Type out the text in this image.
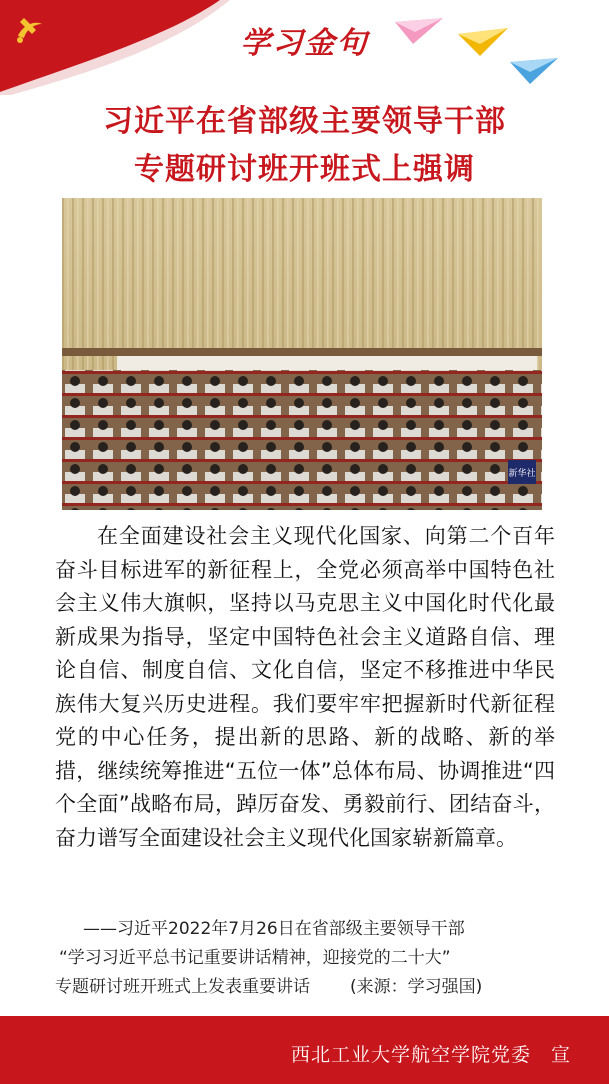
学习金句
习近平在省部级主要领导干部
专题研讨班开班式上强调
新华社
在全面建设社会主义现代化国家、向第二个百年奋斗目标进军的新征程上，全党必须高举中国特色社会主义伟大旗帜，坚持以马克思主义中国化时代化最新成果为指导，坚定中国特色社会主义道路自信、理论自信、制度自信、文化自信，坚定不移推进中华民族伟大复兴历史进程。我们要牢牢把握新时代新征程党的中心任务，提出新的思路、新的战略、新的举措，继续统筹推进“五位一体”总体布局、协调推进“四个全面”战略布局，踔厉奋发、勇毅前行、团结奋斗，奋力谱写全面建设社会主义现代化国家崭新篇章。
——习近平2022年7月26日在省部级主要领导干部
“学习习近平总书记重要讲话精神，迎接党的二十大”
专题研讨班开班式上发表重要讲话 (来源：学习强国)
西北工业大学航空学院党委　宣
